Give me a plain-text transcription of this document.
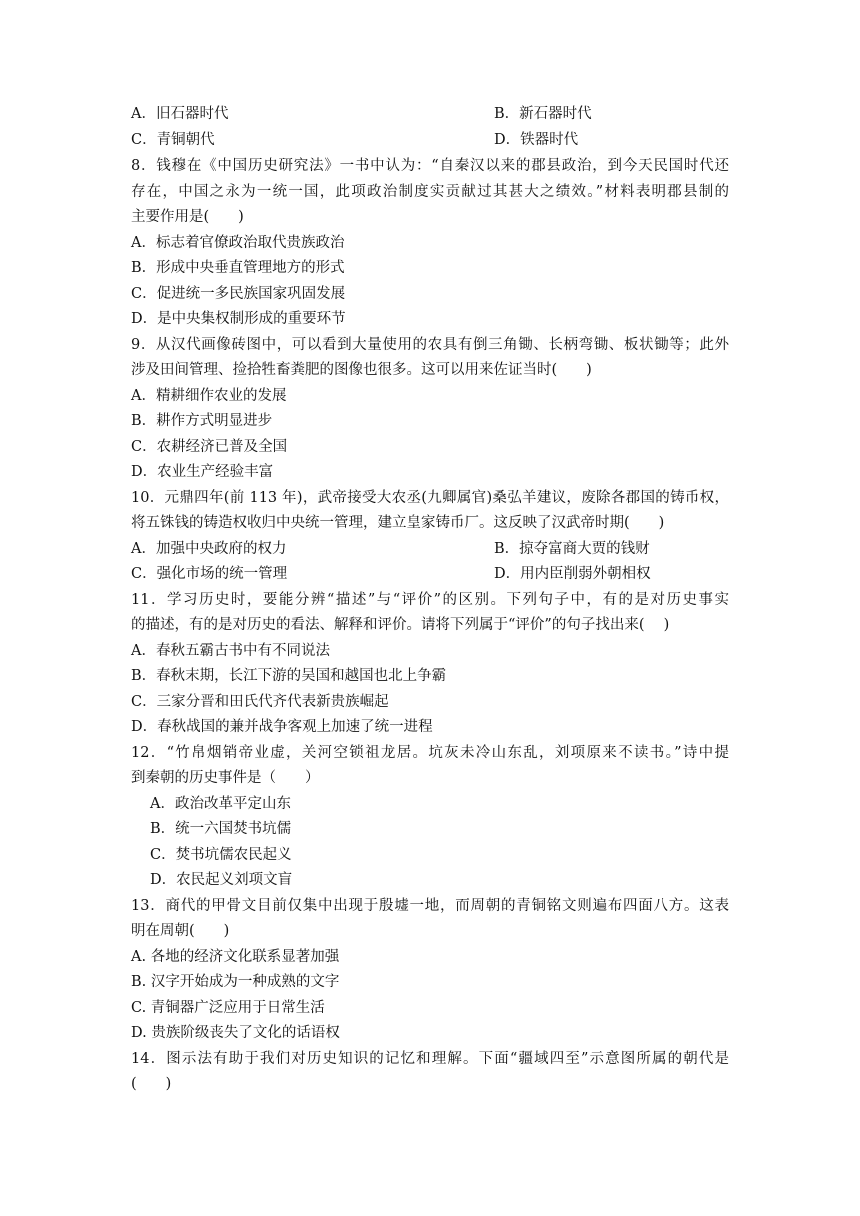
A．旧石器时代	B．新石器时代
C．青铜朝代	D．铁器时代
8．钱穆在《中国历史研究法》一书中认为：“自秦汉以来的郡县政治，到今天民国时代还
存在，中国之永为一统一国，此项政治制度实贡献过其甚大之绩效。”材料表明郡县制的
主要作用是(　　)
A．标志着官僚政治取代贵族政治
B．形成中央垂直管理地方的形式
C．促进统一多民族国家巩固发展
D．是中央集权制形成的重要环节
9．从汉代画像砖图中，可以看到大量使用的农具有倒三角锄、长柄弯锄、板状锄等；此外
涉及田间管理、捡拾牲畜粪肥的图像也很多。这可以用来佐证当时(　　)
A．精耕细作农业的发展
B．耕作方式明显进步
C．农耕经济已普及全国
D．农业生产经验丰富
10．元鼎四年(前 113 年)，武帝接受大农丞(九卿属官)桑弘羊建议，废除各郡国的铸币权，
将五铢钱的铸造权收归中央统一管理，建立皇家铸币厂。这反映了汉武帝时期(　　)
A．加强中央政府的权力	B．掠夺富商大贾的钱财
C．强化市场的统一管理	D．用内臣削弱外朝相权
11．学习历史时，要能分辨“描述”与“评价”的区别。下列句子中，有的是对历史事实
的描述，有的是对历史的看法、解释和评价。请将下列属于“评价”的句子找出来(　 )
A．春秋五霸古书中有不同说法
B．春秋末期，长江下游的吴国和越国也北上争霸
C．三家分晋和田氏代齐代表新贵族崛起
D．春秋战国的兼并战争客观上加速了统一进程
12．“竹帛烟销帝业虚，关河空锁祖龙居。坑灰未冷山东乱，刘项原来不读书。”诗中提
到秦朝的历史事件是（　　）
A．政治改革平定山东
B．统一六国焚书坑儒
C．焚书坑儒农民起义
D．农民起义刘项文盲
13．商代的甲骨文目前仅集中出现于殷墟一地，而周朝的青铜铭文则遍布四面八方。这表
明在周朝(　　)
A. 各地的经济文化联系显著加强
B. 汉字开始成为一种成熟的文字
C. 青铜器广泛应用于日常生活
D. 贵族阶级丧失了文化的话语权
14．图示法有助于我们对历史知识的记忆和理解。下面“疆域四至”示意图所属的朝代是
(　　)
